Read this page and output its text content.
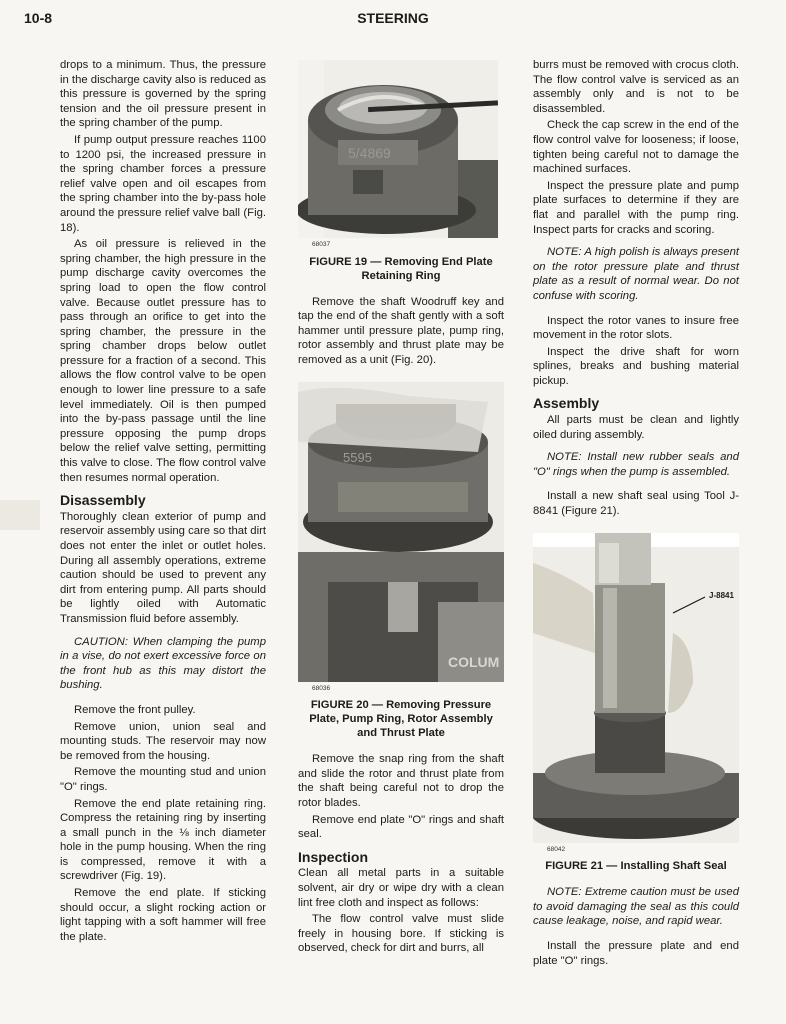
10-8	STEERING

drops to a minimum. Thus, the pressure in the discharge cavity also is reduced as this pressure is governed by the spring tension and the oil pressure present in the spring chamber of the pump.

If pump output pressure reaches 1100 to 1200 psi, the increased pressure in the spring chamber forces a pressure relief valve open and oil escapes from the spring chamber into the by-pass hole around the pressure relief valve ball (Fig. 18).

As oil pressure is relieved in the spring chamber, the high pressure in the pump discharge cavity overcomes the spring load to open the flow control valve. Because outlet pressure has to pass through an orifice to get into the spring chamber, the pressure in the spring chamber drops below outlet pressure for a fraction of a second. This allows the flow control valve to be open enough to lower line pressure to a safe level immediately. Oil is then pumped into the by-pass passage until the line pressure opposing the pump drops below the relief valve setting, permitting this valve to close. The flow control valve then resumes normal operation.

Disassembly

Thoroughly clean exterior of pump and reservoir assembly using care so that dirt does not enter the inlet or outlet holes. During all assembly operations, extreme caution should be used to prevent any dirt from entering pump. All parts should be lightly oiled with Automatic Transmission fluid before assembly.

CAUTION: When clamping the pump in a vise, do not exert excessive force on the front hub as this may distort the bushing.

Remove the front pulley.

Remove union, union seal and mounting studs. The reservoir may now be removed from the housing.

Remove the mounting stud and union "O" rings.

Remove the end plate retaining ring. Compress the retaining ring by inserting a small punch in the ⅛ inch diameter hole in the pump housing. When the ring is compressed, remove it with a screwdriver (Fig. 19).

Remove the end plate. If sticking should occur, a slight rocking action or light tapping with a soft hammer will free the plate.

5/4869

68037

FIGURE 19 — Removing End Plate Retaining Ring

Remove the shaft Woodruff key and tap the end of the shaft gently with a soft hammer until pressure plate, pump ring, rotor assembly and thrust plate may be removed as a unit (Fig. 20).

COLUM
5595

68036

FIGURE 20 — Removing Pressure Plate, Pump Ring, Rotor Assembly and Thrust Plate

Remove the snap ring from the shaft and slide the rotor and thrust plate from the shaft being careful not to drop the rotor blades.

Remove end plate "O" rings and shaft seal.

Inspection

Clean all metal parts in a suitable solvent, air dry or wipe dry with a clean lint free cloth and inspect as follows:

The flow control valve must slide freely in housing bore. If sticking is observed, check for dirt and burrs, all

burrs must be removed with crocus cloth. The flow control valve is serviced as an assembly only and is not to be disassembled.

Check the cap screw in the end of the flow control valve for looseness; if loose, tighten being careful not to damage the machined surfaces.

Inspect the pressure plate and pump plate surfaces to determine if they are flat and parallel with the pump ring. Inspect parts for cracks and scoring.

NOTE: A high polish is always present on the rotor pressure plate and thrust plate as a result of normal wear. Do not confuse with scoring.

Inspect the rotor vanes to insure free movement in the rotor slots.

Inspect the drive shaft for worn splines, breaks and bushing material pickup.

Assembly

All parts must be clean and lightly oiled during assembly.

NOTE: Install new rubber seals and "O" rings when the pump is assembled.

Install a new shaft seal using Tool J-8841 (Figure 21).

J-8841

68042

FIGURE 21 — Installing Shaft Seal

NOTE: Extreme caution must be used to avoid damaging the seal as this could cause leakage, noise, and rapid wear.

Install the pressure plate and end plate "O" rings.
